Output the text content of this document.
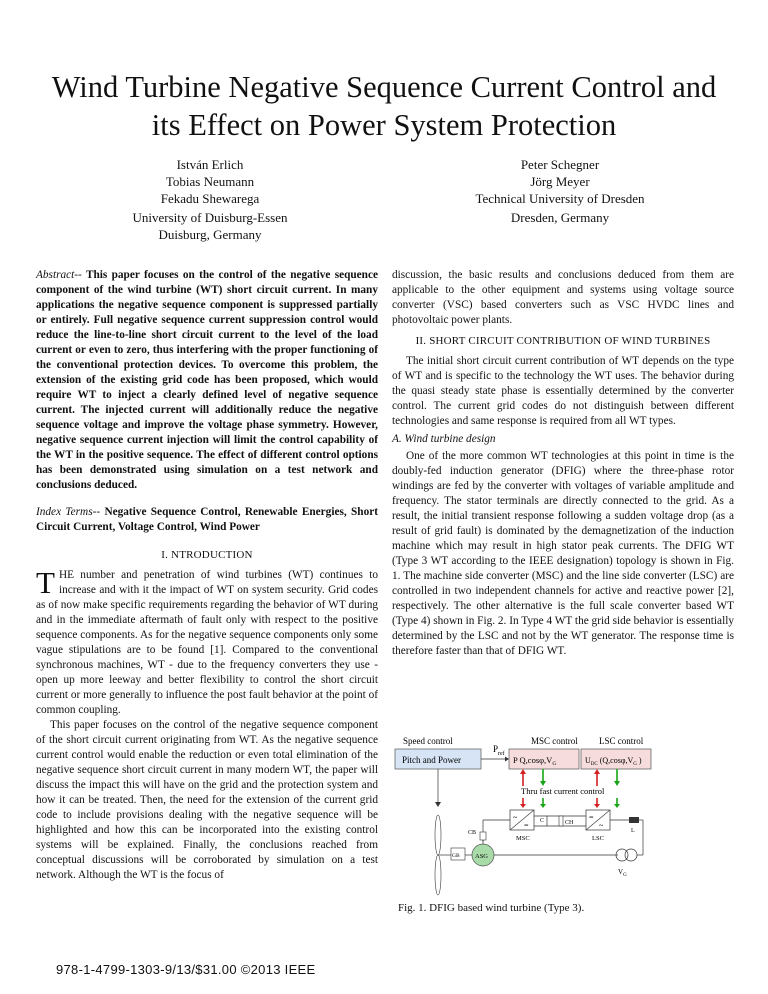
Wind Turbine Negative Sequence Current Control and its Effect on Power System Protection
István Erlich
Tobias Neumann
Fekadu Shewarega
University of Duisburg-Essen
Duisburg, Germany
Peter Schegner
Jörg Meyer
Technical University of Dresden
Dresden, Germany

Abstract-- This paper focuses on the control of the negative sequence component of the wind turbine (WT) short circuit current. In many applications the negative sequence component is suppressed partially or entirely. Full negative sequence current suppression control would reduce the line-to-line short circuit current to the level of the load current or even to zero, thus interfering with the proper functioning of the conventional protection devices. To overcome this problem, the extension of the existing grid code has been proposed, which would require WT to inject a clearly defined level of negative sequence current. The injected current will additionally reduce the negative sequence voltage and improve the voltage phase symmetry. However, negative sequence current injection will limit the control capability of the WT in the positive sequence. The effect of different control options has been demonstrated using simulation on a test network and conclusions deduced.

Index Terms-- Negative Sequence Control, Renewable Energies, Short Circuit Current, Voltage Control, Wind Power

I. NTRODUCTION

THE number and penetration of wind turbines (WT) continues to increase and with it the impact of WT on system security. Grid codes as of now make specific requirements regarding the behavior of WT during and in the immediate aftermath of fault only with respect to the positive sequence components. As for the negative sequence components only some vague stipulations are to be found [1]. Compared to the conventional synchronous machines, WT - due to the frequency converters they use - open up more leeway and better flexibility to control the short circuit current or more generally to influence the post fault behavior at the point of common coupling.

This paper focuses on the control of the negative sequence component of the short circuit current originating from WT. As the negative sequence current control would enable the reduction or even total elimination of the negative sequence short circuit current in many modern WT, the paper will discuss the impact this will have on the grid and the protection system and how it can be treated. Then, the need for the extension of the current grid code to include provisions dealing with the negative sequence will be highlighted and how this can be incorporated into the existing control systems will be explained. Finally, the conclusions reached from conceptual discussions will be corroborated by simulation on a test network. Although the WT is the focus of

discussion, the basic results and conclusions deduced from them are applicable to the other equipment and systems using voltage source converter (VSC) based converters such as VSC HVDC lines and photovoltaic power plants.

II. SHORT CIRCUIT CONTRIBUTION OF WIND TURBINES

The initial short circuit current contribution of WT depends on the type of WT and is specific to the technology the WT uses. The behavior during the quasi steady state phase is essentially determined by the converter control. The current grid codes do not distinguish between different technologies and same response is required from all WT types.

A. Wind turbine design

One of the more common WT technologies at this point in time is the doubly-fed induction generator (DFIG) where the three-phase rotor windings are fed by the converter with voltages of variable amplitude and frequency. The stator terminals are directly connected to the grid. As a result, the initial transient response following a sudden voltage drop (as a result of grid fault) is dominated by the demagnetization of the induction machine which may result in high stator peak currents. The DFIG WT (Type 3 WT according to the IEEE designation) topology is shown in Fig. 1. The machine side converter (MSC) and the line side converter (LSC) are controlled in two independent channels for active and reactive power [2], respectively. The other alternative is the full scale converter based WT (Type 4) shown in Fig. 2. In Type 4 WT the grid side behavior is essentially determined by the LSC and not by the WT generator. The response time is therefore faster than that of DFIG WT.

Speed control
Pitch and Power
$P_{ref}$
MSC control LSC control
P $Q,\cos\varphi,V_G$	$U_{DC}$ ($Q,\cos\varphi,V_G$ )
Thru fast current control
~
=
MSC
=
~
LSC
C	CH
L
CB
ASG
$V_G$
GB
Fig. 1. DFIG based wind turbine (Type 3).
978-1-4799-1303-9/13/$31.00 ©2013 IEEE
